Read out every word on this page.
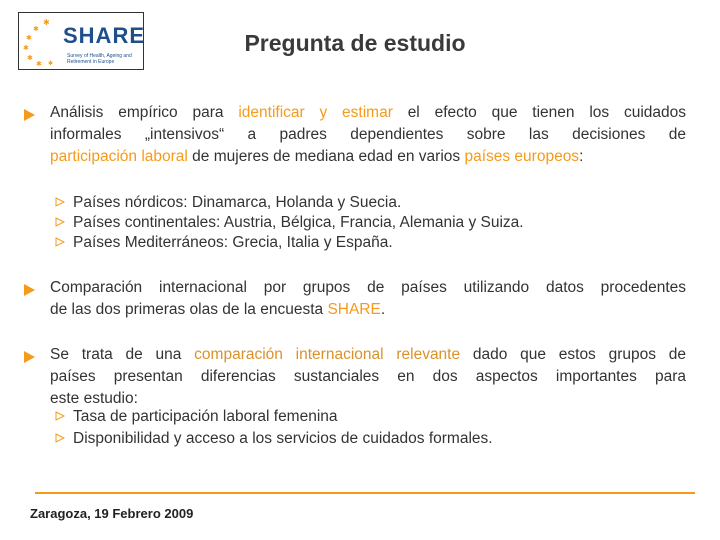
✱
✱
✱
✱
✱
✱ ✱
SHARE
Survey of Health, Ageing and Retirement in Europe
Pregunta de estudio
Análisis empírico para identificar y estimar el efecto que tienen los cuidados
informales „intensivos“ a padres dependientes sobre las decisiones de
participación laboral de mujeres de mediana edad en varios países europeos:
Países nórdicos: Dinamarca, Holanda y Suecia.
Países continentales: Austria, Bélgica, Francia, Alemania y Suiza.
Países Mediterráneos: Grecia, Italia y España.
Comparación internacional por grupos de países utilizando datos procedentes
de las dos primeras olas de la encuesta SHARE.
Se trata de una comparación internacional relevante dado que estos grupos de
países presentan diferencias sustanciales en dos aspectos importantes para
este estudio:
Tasa de participación laboral femenina
Disponibilidad y acceso a los servicios de cuidados formales.
Zaragoza, 19 Febrero 2009
